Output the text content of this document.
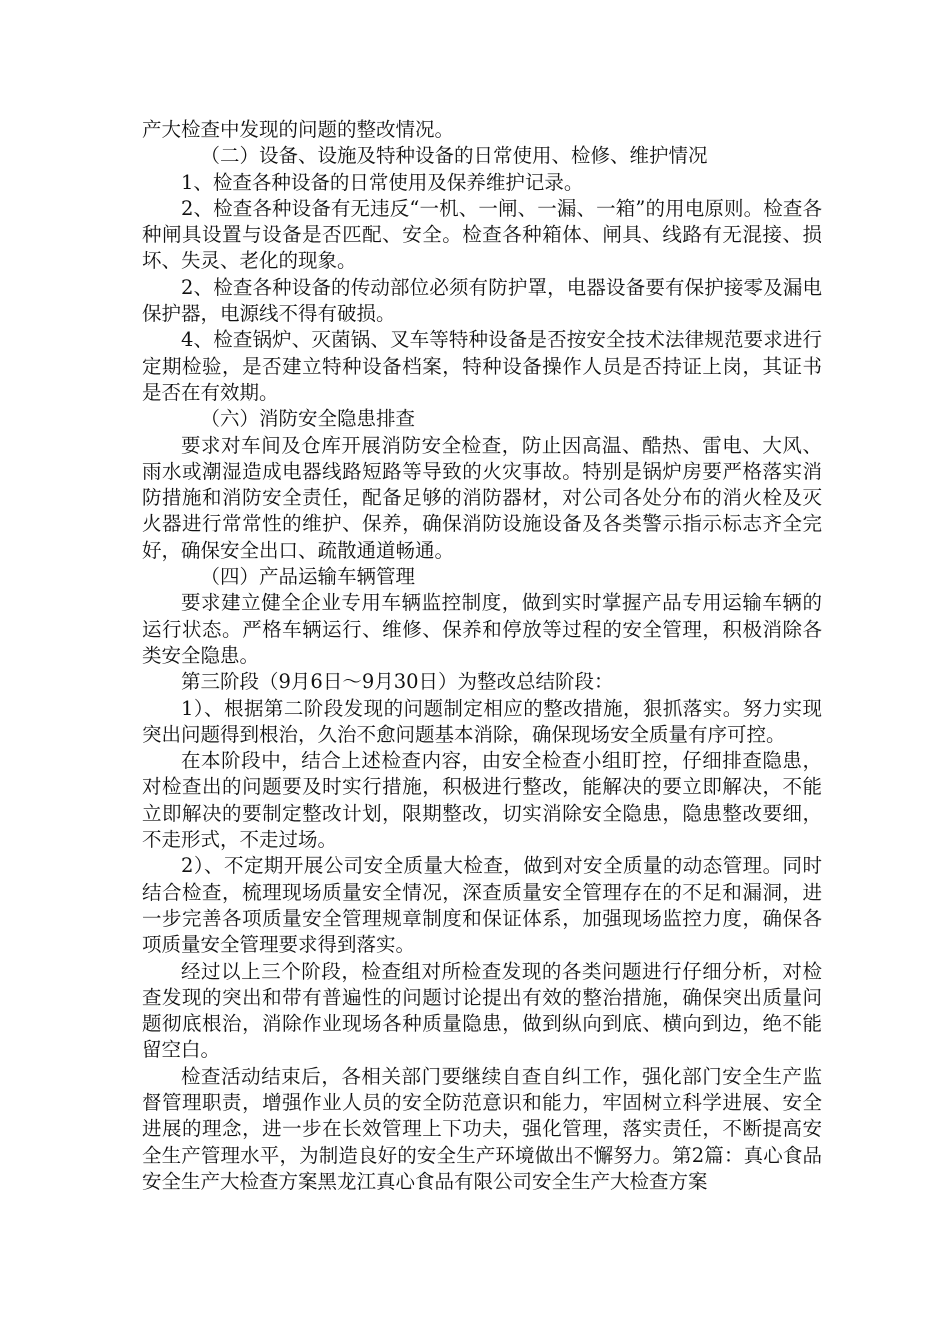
产大检查中发现的问题的整改情况。

（二）设备、设施及特种设备的日常使用、检修、维护情况

1、检查各种设备的日常使用及保养维护记录。

2、检查各种设备有无违反“一机、一闸、一漏、一箱”的用电原则。检查各种闸具设置与设备是否匹配、安全。检查各种箱体、闸具、线路有无混接、损坏、失灵、老化的现象。

2、检查各种设备的传动部位必须有防护罩，电器设备要有保护接零及漏电保护器，电源线不得有破损。

4、检查锅炉、灭菌锅、叉车等特种设备是否按安全技术法律规范要求进行定期检验，是否建立特种设备档案，特种设备操作人员是否持证上岗，其证书是否在有效期。

（六）消防安全隐患排查

要求对车间及仓库开展消防安全检查，防止因高温、酷热、雷电、大风、雨水或潮湿造成电器线路短路等导致的火灾事故。特别是锅炉房要严格落实消防措施和消防安全责任，配备足够的消防器材，对公司各处分布的消火栓及灭火器进行常常性的维护、保养，确保消防设施设备及各类警示指示标志齐全完好，确保安全出口、疏散通道畅通。

（四）产品运输车辆管理

要求建立健全企业专用车辆监控制度，做到实时掌握产品专用运输车辆的运行状态。严格车辆运行、维修、保养和停放等过程的安全管理，积极消除各类安全隐患。

第三阶段（9月6日～9月30日）为整改总结阶段：

1）、根据第二阶段发现的问题制定相应的整改措施，狠抓落实。努力实现突出问题得到根治，久治不愈问题基本消除，确保现场安全质量有序可控。

在本阶段中，结合上述检查内容，由安全检查小组盯控，仔细排查隐患，对检查出的问题要及时实行措施，积极进行整改，能解决的要立即解决，不能立即解决的要制定整改计划，限期整改，切实消除安全隐患，隐患整改要细，不走形式，不走过场。

2）、不定期开展公司安全质量大检查，做到对安全质量的动态管理。同时结合检查，梳理现场质量安全情况，深查质量安全管理存在的不足和漏洞，进一步完善各项质量安全管理规章制度和保证体系，加强现场监控力度，确保各项质量安全管理要求得到落实。

经过以上三个阶段，检查组对所检查发现的各类问题进行仔细分析，对检查发现的突出和带有普遍性的问题讨论提出有效的整治措施，确保突出质量问题彻底根治，消除作业现场各种质量隐患，做到纵向到底、横向到边，绝不能留空白。

检查活动结束后，各相关部门要继续自查自纠工作，强化部门安全生产监督管理职责，增强作业人员的安全防范意识和能力，牢固树立科学进展、安全进展的理念，进一步在长效管理上下功夫，强化管理，落实责任，不断提高安全生产管理水平，为制造良好的安全生产环境做出不懈努力。第2篇：真心食品安全生产大检查方案黑龙江真心食品有限公司安全生产大检查方案
